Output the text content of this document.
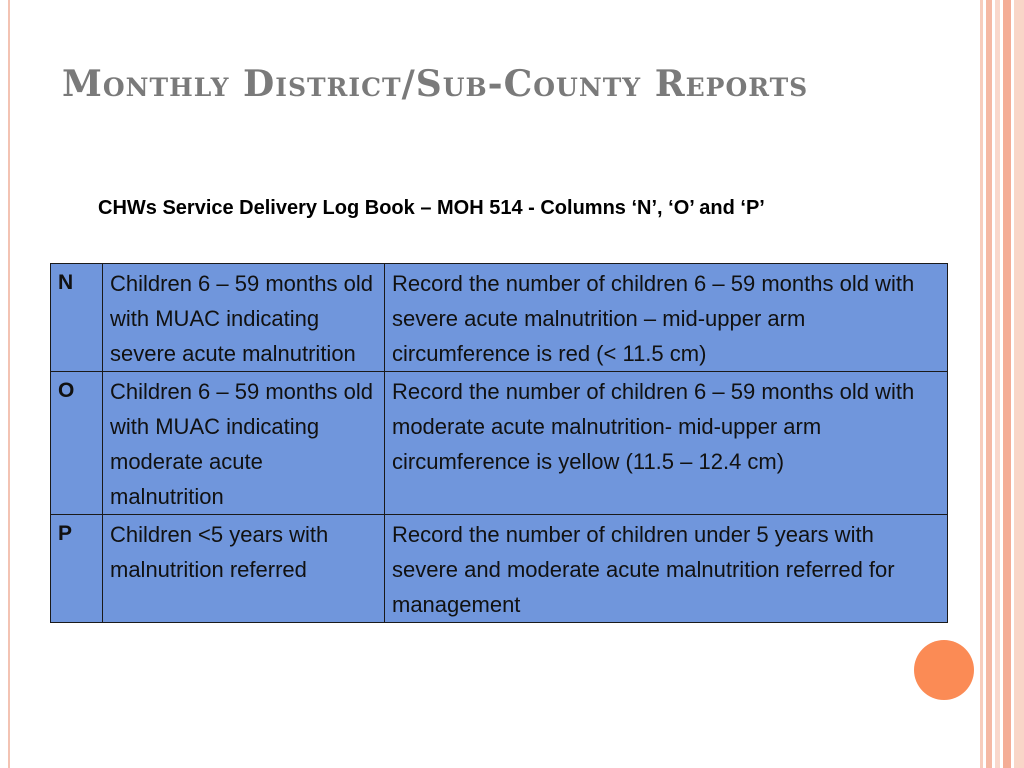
Monthly District/Sub-County Reports
CHWs Service Delivery Log Book – MOH 514 - Columns ‘N’, ‘O’ and ‘P’
N	Children 6 – 59 months old with MUAC indicating severe acute malnutrition	Record the number of children 6 – 59 months old with severe acute malnutrition – mid-upper arm circumference is red (< 11.5 cm)
O	Children 6 – 59 months old with MUAC indicating moderate acute malnutrition	Record the number of children 6 – 59 months old with moderate acute malnutrition- mid-upper arm circumference is yellow (11.5 – 12.4 cm)
P	Children <5 years with malnutrition referred	Record the number of children under 5 years with severe and moderate acute malnutrition referred for management
